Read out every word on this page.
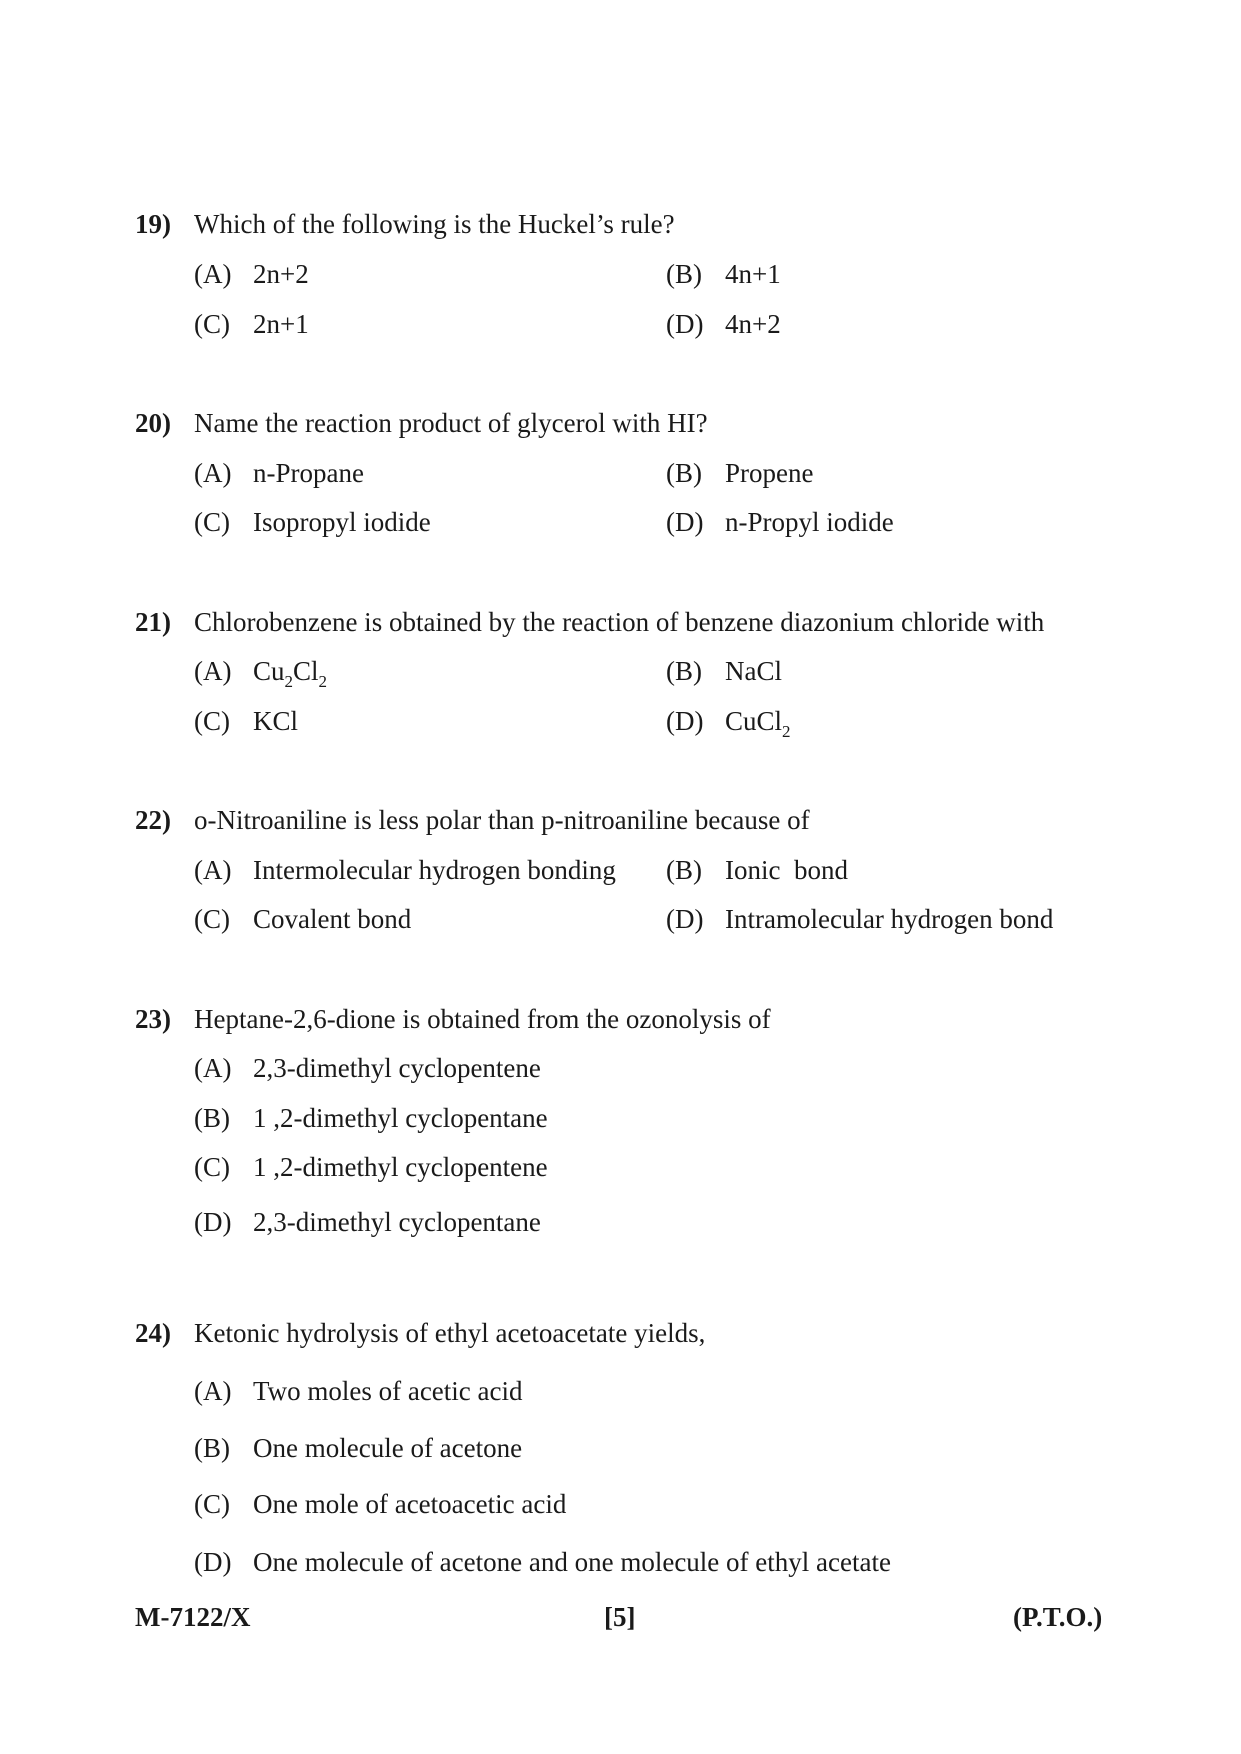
19) Which of the following is the Huckel’s rule?
(A) 2n+2	(B) 4n+1
(C) 2n+1	(D) 4n+2
20) Name the reaction product of glycerol with HI?
(A) n-Propane	(B) Propene
(C) Isopropyl iodide	(D) n-Propyl iodide
21) Chlorobenzene is obtained by the reaction of benzene diazonium chloride with
(A) $Cu_2Cl_2$	(B) NaCl
(C) KCl	(D) CuCl$_2$
22) o-Nitroaniline is less polar than p-nitroaniline because of
(A) Intermolecular hydrogen bonding (B) Ionic  bond
(C) Covalent bond	(D) Intramolecular hydrogen bond
23) Heptane-2,6-dione is obtained from the ozonolysis of
(A) 2,3-dimethyl cyclopentene
(B) 1 ,2-dimethyl cyclopentane
(C) 1 ,2-dimethyl cyclopentene
(D) 2,3-dimethyl cyclopentane
24) Ketonic hydrolysis of ethyl acetoacetate yields,
(A) Two moles of acetic acid
(B) One molecule of acetone
(C) One mole of acetoacetic acid
(D) One molecule of acetone and one molecule of ethyl acetate
M-7122/X	[5]	(P.T.O.)
